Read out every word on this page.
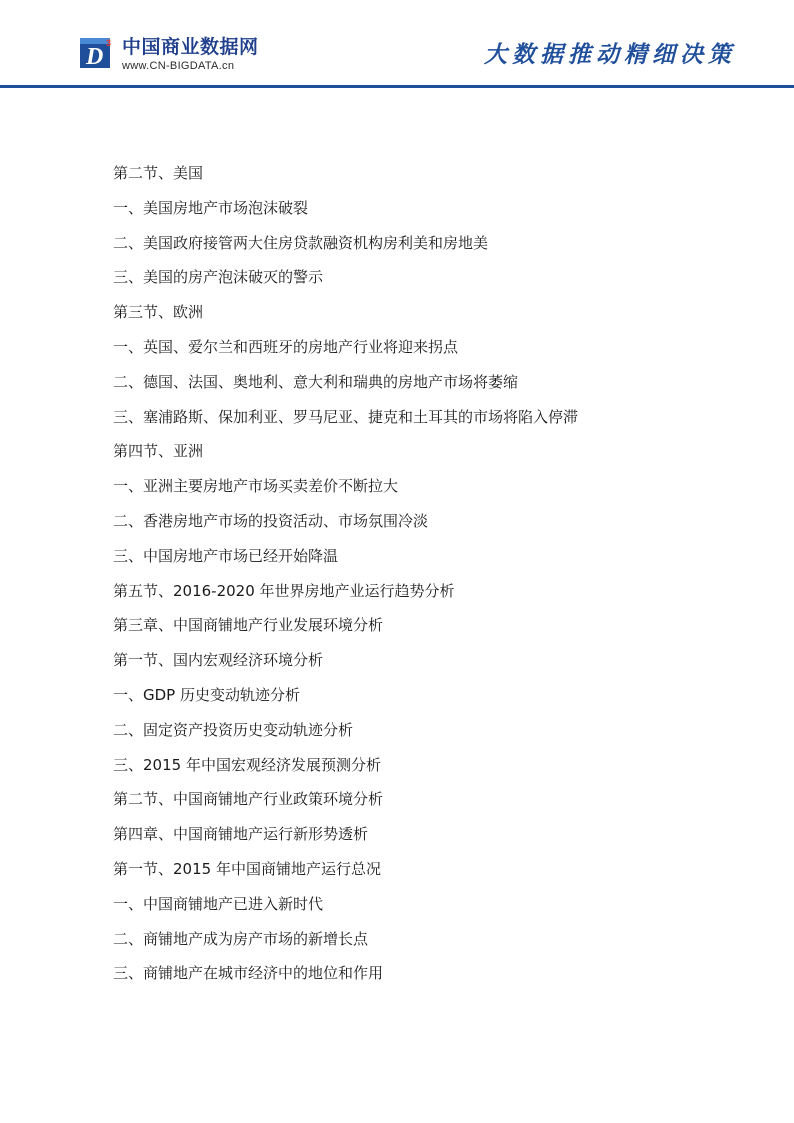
D
3 中国商业数据网
www.CN-BIGDATA.cn	大数据推动精细决策
第二节、美国
一、美国房地产市场泡沫破裂
二、美国政府接管两大住房贷款融资机构房利美和房地美
三、美国的房产泡沫破灭的警示
第三节、欧洲
一、英国、爱尔兰和西班牙的房地产行业将迎来拐点
二、德国、法国、奥地利、意大利和瑞典的房地产市场将萎缩
三、塞浦路斯、保加利亚、罗马尼亚、捷克和土耳其的市场将陷入停滞
第四节、亚洲
一、亚洲主要房地产市场买卖差价不断拉大
二、香港房地产市场的投资活动、市场氛围冷淡
三、中国房地产市场已经开始降温
第五节、2016-2020 年世界房地产业运行趋势分析
第三章、中国商铺地产行业发展环境分析
第一节、国内宏观经济环境分析
一、GDP 历史变动轨迹分析
二、固定资产投资历史变动轨迹分析
三、2015 年中国宏观经济发展预测分析
第二节、中国商铺地产行业政策环境分析
第四章、中国商铺地产运行新形势透析
第一节、2015 年中国商铺地产运行总况
一、中国商铺地产已进入新时代
二、商铺地产成为房产市场的新增长点
三、商铺地产在城市经济中的地位和作用
